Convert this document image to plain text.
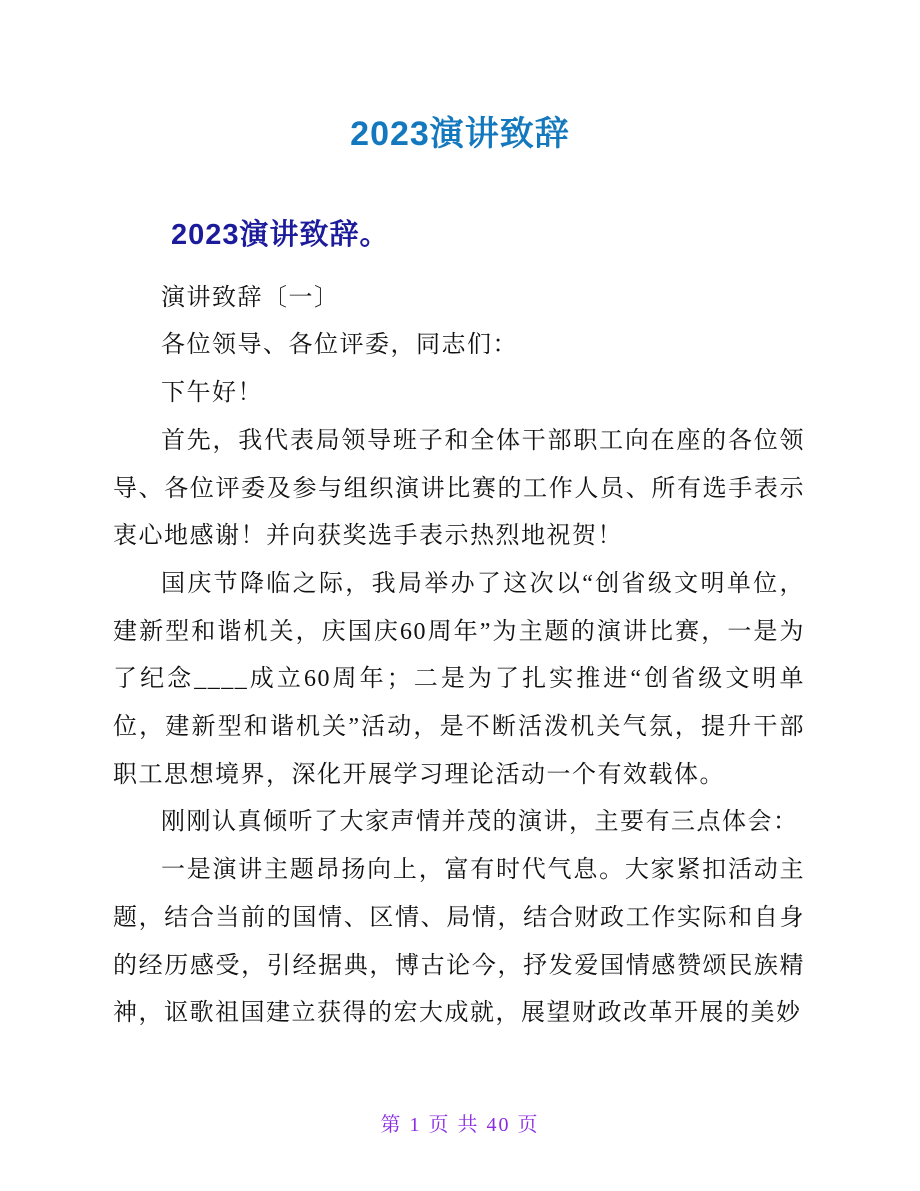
2023演讲致辞
2023演讲致辞。

演讲致辞〔一〕

各位领导、各位评委，同志们：

下午好！

首先，我代表局领导班子和全体干部职工向在座的各位领导、各位评委及参与组织演讲比赛的工作人员、所有选手表示衷心地感谢！并向获奖选手表示热烈地祝贺！

国庆节降临之际，我局举办了这次以“创省级文明单位，建新型和谐机关，庆国庆60周年”为主题的演讲比赛，一是为了纪念____成立60周年；二是为了扎实推进“创省级文明单位，建新型和谐机关”活动，是不断活泼机关气氛，提升干部职工思想境界，深化开展学习理论活动一个有效载体。

刚刚认真倾听了大家声情并茂的演讲，主要有三点体会：

一是演讲主题昂扬向上，富有时代气息。大家紧扣活动主题，结合当前的国情、区情、局情，结合财政工作实际和自身的经历感受，引经据典，博古论今，抒发爱国情感赞颂民族精神，讴歌祖国建立获得的宏大成就，展望财政改革开展的美妙

第 1 页 共 40 页
